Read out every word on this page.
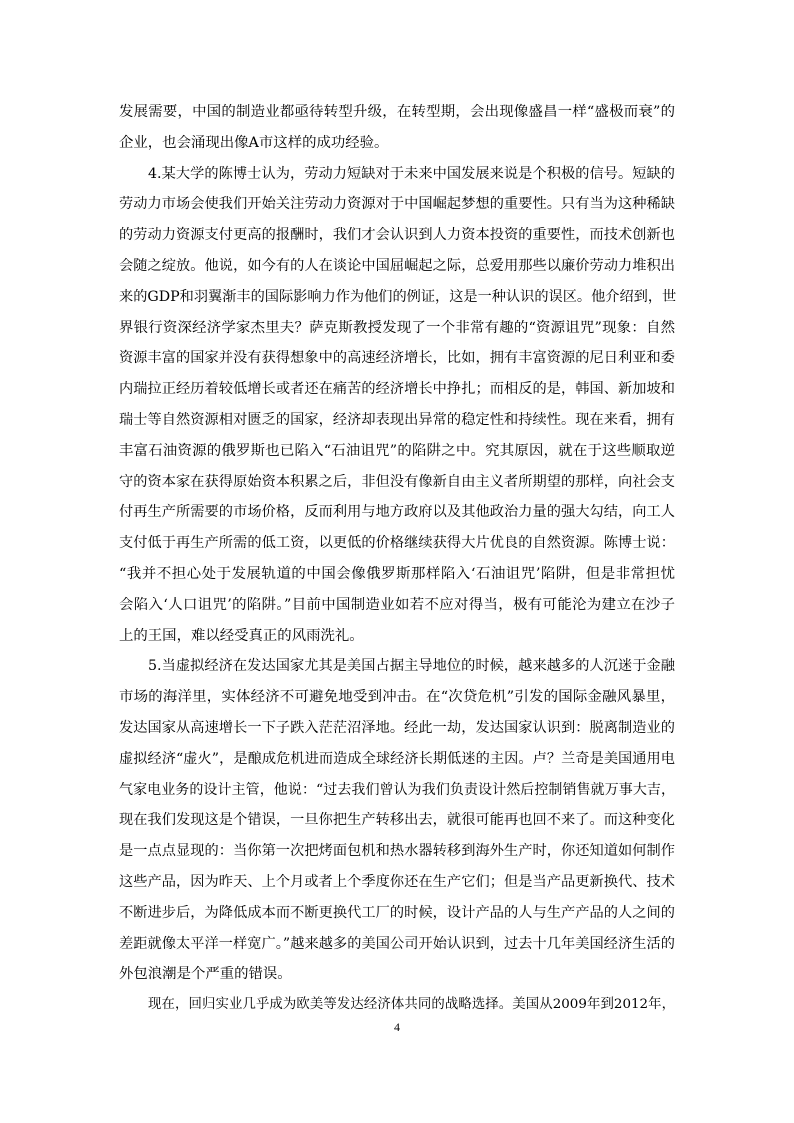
发展需要，中国的制造业都亟待转型升级，在转型期，会出现像盛昌一样“盛极而衰”的
企业，也会涌现出像A市这样的成功经验。
4.某大学的陈博士认为，劳动力短缺对于未来中国发展来说是个积极的信号。短缺的
劳动力市场会使我们开始关注劳动力资源对于中国崛起梦想的重要性。只有当为这种稀缺
的劳动力资源支付更高的报酬时，我们才会认识到人力资本投资的重要性，而技术创新也
会随之绽放。他说，如今有的人在谈论中国屈崛起之际，总爱用那些以廉价劳动力堆积出
来的GDP和羽翼渐丰的国际影响力作为他们的例证，这是一种认识的误区。他介绍到，世
界银行资深经济学家杰里夫？萨克斯教授发现了一个非常有趣的“资源诅咒”现象：自然
资源丰富的国家并没有获得想象中的高速经济增长，比如，拥有丰富资源的尼日利亚和委
内瑞拉正经历着较低增长或者还在痛苦的经济增长中挣扎；而相反的是，韩国、新加坡和
瑞士等自然资源相对匮乏的国家，经济却表现出异常的稳定性和持续性。现在来看，拥有
丰富石油资源的俄罗斯也已陷入“石油诅咒”的陷阱之中。究其原因，就在于这些顺取逆
守的资本家在获得原始资本积累之后，非但没有像新自由主义者所期望的那样，向社会支
付再生产所需要的市场价格，反而利用与地方政府以及其他政治力量的强大勾结，向工人
支付低于再生产所需的低工资，以更低的价格继续获得大片优良的自然资源。陈博士说：
“我并不担心处于发展轨道的中国会像俄罗斯那样陷入‘石油诅咒’陷阱，但是非常担忧
会陷入‘人口诅咒’的陷阱。”目前中国制造业如若不应对得当，极有可能沦为建立在沙子
上的王国，难以经受真正的风雨洗礼。
5.当虚拟经济在发达国家尤其是美国占据主导地位的时候，越来越多的人沉迷于金融
市场的海洋里，实体经济不可避免地受到冲击。在“次贷危机”引发的国际金融风暴里，
发达国家从高速增长一下子跌入茫茫沼泽地。经此一劫，发达国家认识到：脱离制造业的
虚拟经济“虚火”，是酿成危机进而造成全球经济长期低迷的主因。卢？兰奇是美国通用电
气家电业务的设计主管，他说：“过去我们曾认为我们负责设计然后控制销售就万事大吉，
现在我们发现这是个错误，一旦你把生产转移出去，就很可能再也回不来了。而这种变化
是一点点显现的：当你第一次把烤面包机和热水器转移到海外生产时，你还知道如何制作
这些产品，因为昨天、上个月或者上个季度你还在生产它们；但是当产品更新换代、技术
不断进步后，为降低成本而不断更换代工厂的时候，设计产品的人与生产产品的人之间的
差距就像太平洋一样宽广。”越来越多的美国公司开始认识到，过去十几年美国经济生活的
外包浪潮是个严重的错误。
现在，回归实业几乎成为欧美等发达经济体共同的战略选择。美国从2009年到2012年，
4
